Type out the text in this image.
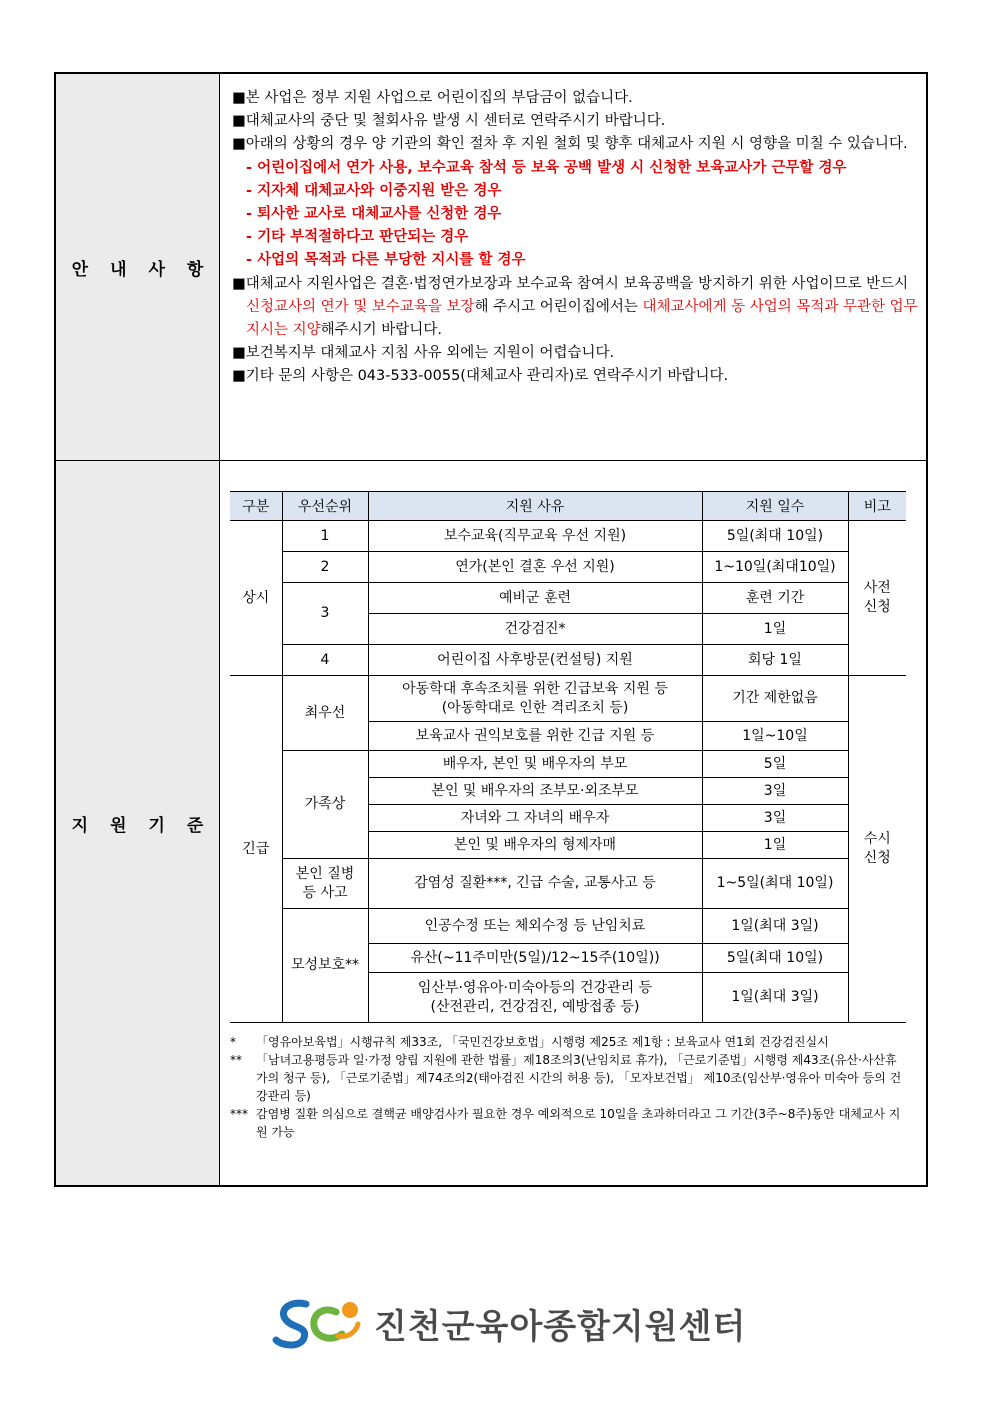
안내사항	
■본 사업은 정부 지원 사업으로 어린이집의 부담금이 없습니다.
■대체교사의 중단 및 철회사유 발생 시 센터로 연락주시기 바랍니다.
■아래의 상황의 경우 양 기관의 확인 절차 후 지원 철회 및 향후 대체교사 지원 시 영향을 미칠 수 있습니다.
- 어린이집에서 연가 사용, 보수교육 참석 등 보육 공백 발생 시 신청한 보육교사가 근무할 경우
- 지자체 대체교사와 이중지원 받은 경우
- 퇴사한 교사로 대체교사를 신청한 경우
- 기타 부적절하다고 판단되는 경우
- 사업의 목적과 다른 부당한 지시를 할 경우
■대체교사 지원사업은 결혼·법정연가보장과 보수교육 참여시 보육공백을 방지하기 위한 사업이므로 반드시 신청교사의 연가 및 보수교육을 보장해 주시고 어린이집에서는 대체교사에게 동 사업의 목적과 무관한 업무지시는 지양해주시기 바랍니다.
■보건복지부 대체교사 지침 사유 외에는 지원이 어렵습니다.
■기타 문의 사항은 043-533-0055(대체교사 관리자)로 연락주시기 바랍니다.

지원기준	
구분	우선순위	지원 사유	지원 일수	비고
상시	1	보수교육(직무교육 우선 지원)	5일(최대 10일)	사전
신청
2	연가(본인 결혼 우선 지원)	1~10일(최대10일)
3	예비군 훈련	훈련 기간
건강검진*	1일
4	어린이집 사후방문(컨설팅) 지원	회당 1일
긴급	최우선	아동학대 후속조치를 위한 긴급보육 지원 등
(아동학대로 인한 격리조치 등)	기간 제한없음	수시
신청
보육교사 권익보호를 위한 긴급 지원 등	1일~10일
가족상	배우자, 본인 및 배우자의 부모	5일
본인 및 배우자의 조부모·외조부모	3일
자녀와 그 자녀의 배우자	3일
본인 및 배우자의 형제자매	1일
본인 질병
등 사고	감염성 질환***, 긴급 수술, 교통사고 등	1~5일(최대 10일)
모성보호**	인공수정 또는 체외수정 등 난임치료	1일(최대 3일)
유산(~11주미만(5일)/12~15주(10일))	5일(최대 10일)
임산부·영유아·미숙아등의 건강관리 등
(산전관리, 건강검진, 예방접종 등)	1일(최대 3일)
*	「영유아보육법」시행규칙 제33조, 「국민건강보호법」시행령 제25조 제1항 : 보육교사 연1회 건강검진실시
**	「남녀고용평등과 일·가정 양립 지원에 관한 법률」제18조의3(난임치료 휴가), 「근로기준법」시행령 제43조(유산·사산휴가의 청구 등), 「근로기준법」제74조의2(태아검진 시간의 허용 등), 「모자보건법」 제10조(임산부·영유아 미숙아 등의 건강관리 등)
*** 감염병 질환 의심으로 결핵균 배양검사가 필요한 경우 예외적으로 10일을 초과하더라고 그 기간(3주~8주)동안 대체교사 지원 가능
진천군육아종합지원센터
